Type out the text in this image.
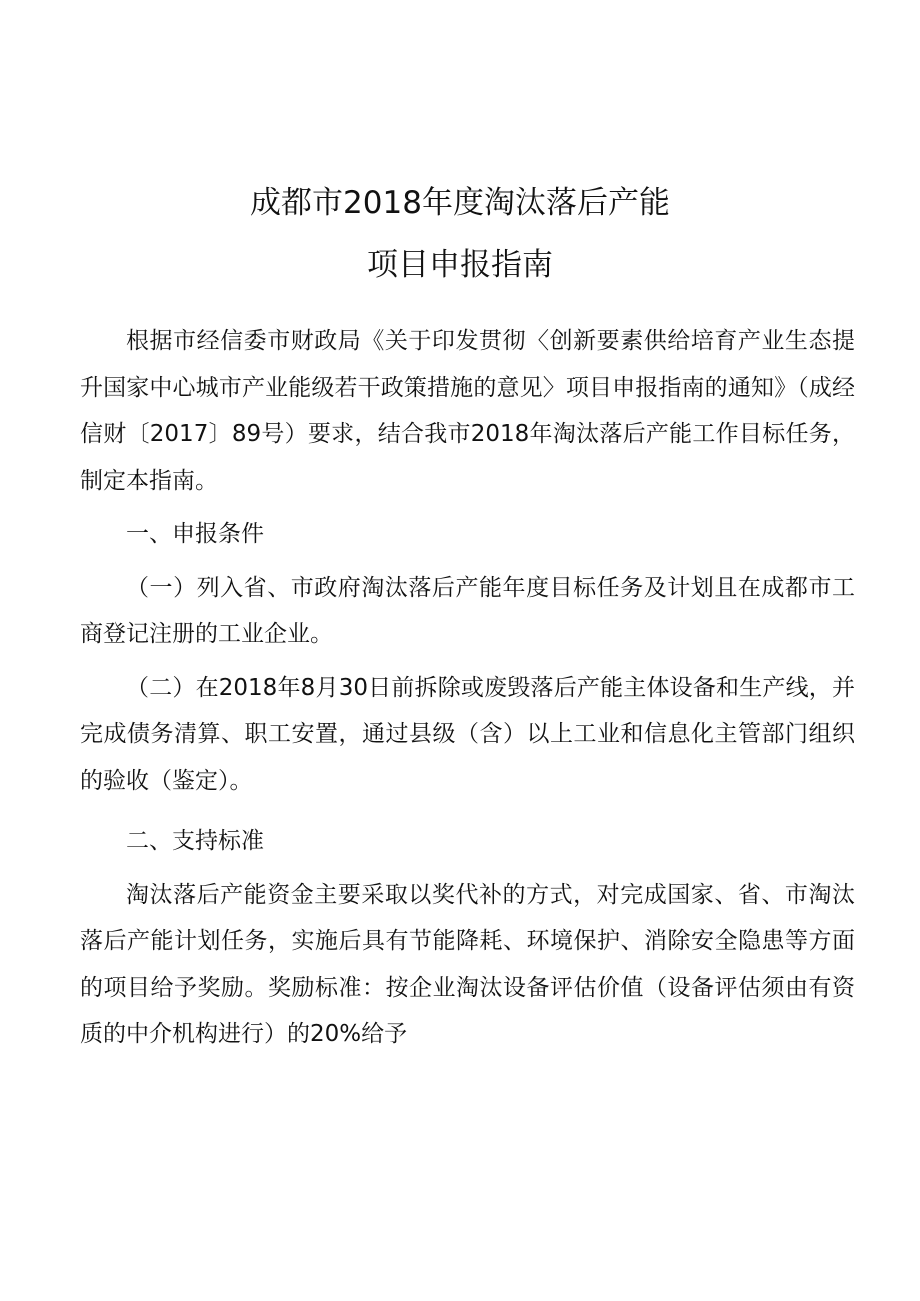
成都市2018年度淘汰落后产能

项目申报指南

根据市经信委市财政局《关于印发贯彻〈创新要素供给培育产业生态提升国家中心城市产业能级若干政策措施的意见〉项目申报指南的通知》（成经信财〔2017〕89号）要求，结合我市2018年淘汰落后产能工作目标任务，制定本指南。

一、申报条件

（一）列入省、市政府淘汰落后产能年度目标任务及计划且在成都市工商登记注册的工业企业。

（二）在2018年8月30日前拆除或废毁落后产能主体设备和生产线，并完成债务清算、职工安置，通过县级（含）以上工业和信息化主管部门组织的验收（鉴定）。

二、支持标准

淘汰落后产能资金主要采取以奖代补的方式，对完成国家、省、市淘汰落后产能计划任务，实施后具有节能降耗、环境保护、消除安全隐患等方面的项目给予奖励。奖励标准：按企业淘汰设备评估价值（设备评估须由有资质的中介机构进行）的20%给予
